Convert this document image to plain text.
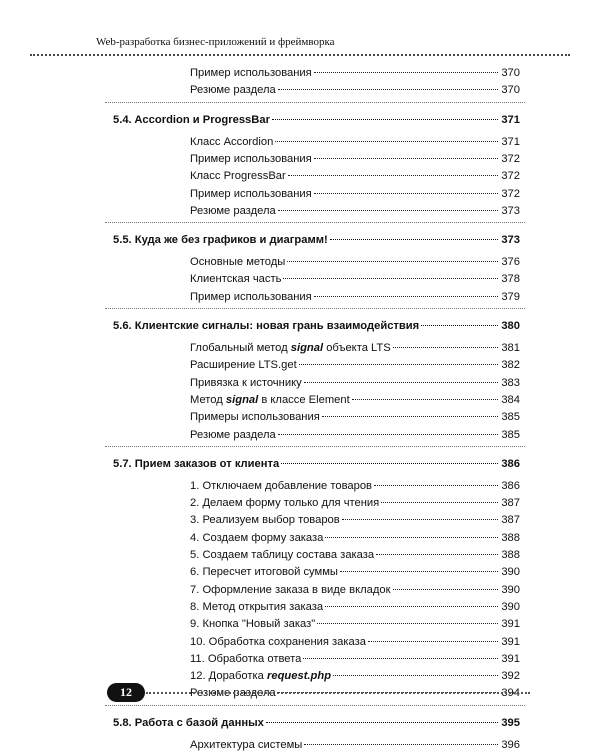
Web-разработка бизнес-приложений и фреймворка
Пример использования	370
Резюме раздела	370
5.4. Accordion и ProgressBar	371
Класс Accordion	371
Пример использования	372
Класс ProgressBar	372
Пример использования	372
Резюме раздела	373
5.5. Куда же без графиков и диаграмм!	373
Основные методы	376
Клиентская часть	378
Пример использования	379
5.6. Клиентские сигналы: новая грань взаимодействия	380
Глобальный метод signal объекта LTS	381
Расширение LTS.get	382
Привязка к источнику	383
Метод signal в классе Element	384
Примеры использования	385
Резюме раздела	385
5.7. Прием заказов от клиента	386
1. Отключаем добавление товаров	386
2. Делаем форму только для чтения	387
3. Реализуем выбор товаров	387
4. Создаем форму заказа	388
5. Создаем таблицу состава заказа	388
6. Пересчет итоговой суммы	390
7. Оформление заказа в виде вкладок	390
8. Метод открытия заказа	390
9. Кнопка "Новый заказ"	391
10. Обработка сохранения заказа	391
11. Обработка ответа	391
12. Доработка request.php	392
Резюме раздела	394
5.8. Работа с базой данных	395
Архитектура системы	396
12
